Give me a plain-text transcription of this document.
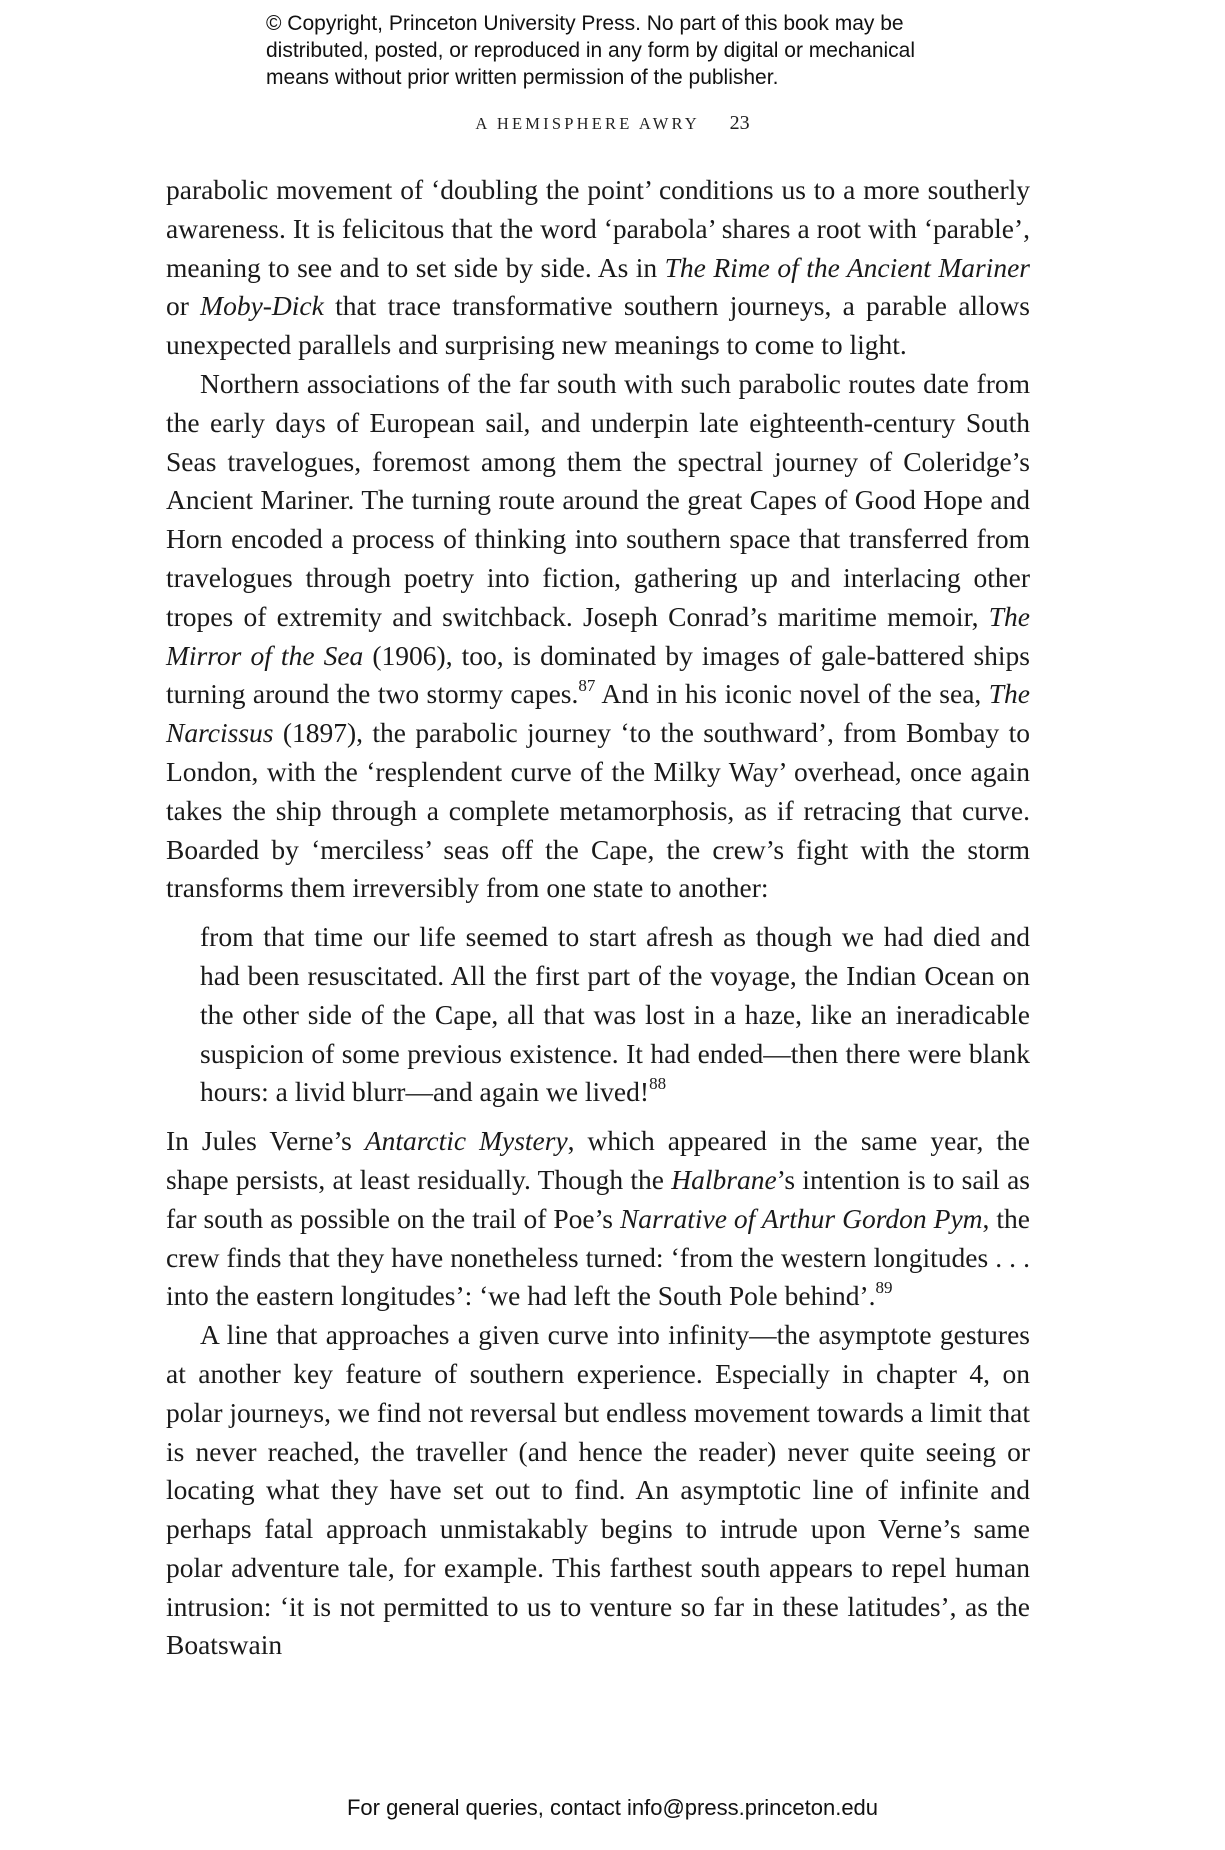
© Copyright, Princeton University Press. No part of this book may be

distributed, posted, or reproduced in any form by digital or mechanical

means without prior written permission of the publisher.

A HEMISPHERE AWRY 23

parabolic movement of ‘doubling the point’ conditions us to a more southerly awareness. It is felicitous that the word ‘parabola’ shares a root with ‘parable’, meaning to see and to set side by side. As in The Rime of the Ancient Mariner or Moby-Dick that trace transformative southern journeys, a parable allows unexpected parallels and surprising new meanings to come to light.

Northern associations of the far south with such parabolic routes date from the early days of European sail, and underpin late eighteenth-century South Seas travelogues, foremost among them the spectral journey of Coleridge’s Ancient Mariner. The turning route around the great Capes of Good Hope and Horn encoded a process of thinking into southern space that transferred from travelogues through poetry into fiction, gathering up and interlacing other tropes of extremity and switchback. Joseph Conrad’s maritime memoir, The Mirror of the Sea (1906), too, is dominated by images of gale-battered ships turning around the two stormy capes.$^{87}$ And in his iconic novel of the sea, The Narcissus (1897), the parabolic journey ‘to the southward’, from Bombay to London, with the ‘resplendent curve of the Milky Way’ overhead, once again takes the ship through a complete metamorphosis, as if retracing that curve. Boarded by ‘merciless’ seas off the Cape, the crew’s fight with the storm transforms them irreversibly from one state to another:

from that time our life seemed to start afresh as though we had died and had been resuscitated. All the first part of the voyage, the Indian Ocean on the other side of the Cape, all that was lost in a haze, like an ineradicable suspicion of some previous existence. It had ended—then there were blank hours: a livid blurr—and again we lived!$^{88}$

In Jules Verne’s Antarctic Mystery, which appeared in the same year, the shape persists, at least residually. Though the Halbrane’s intention is to sail as far south as possible on the trail of Poe’s Narrative of Arthur Gordon Pym, the crew finds that they have nonetheless turned: ‘from the western longitudes . . . into the eastern longitudes’: ‘we had left the South Pole behind’.$^{89}$

A line that approaches a given curve into infinity—the asymptote gestures at another key feature of southern experience. Especially in chapter 4, on polar journeys, we find not reversal but endless movement towards a limit that is never reached, the traveller (and hence the reader) never quite seeing or locating what they have set out to find. An asymptotic line of infinite and perhaps fatal approach unmistakably begins to intrude upon Verne’s same polar adventure tale, for example. This farthest south appears to repel human intrusion: ‘it is not permitted to us to venture so far in these latitudes’, as the Boatswain

For general queries, contact info@press.princeton.edu
